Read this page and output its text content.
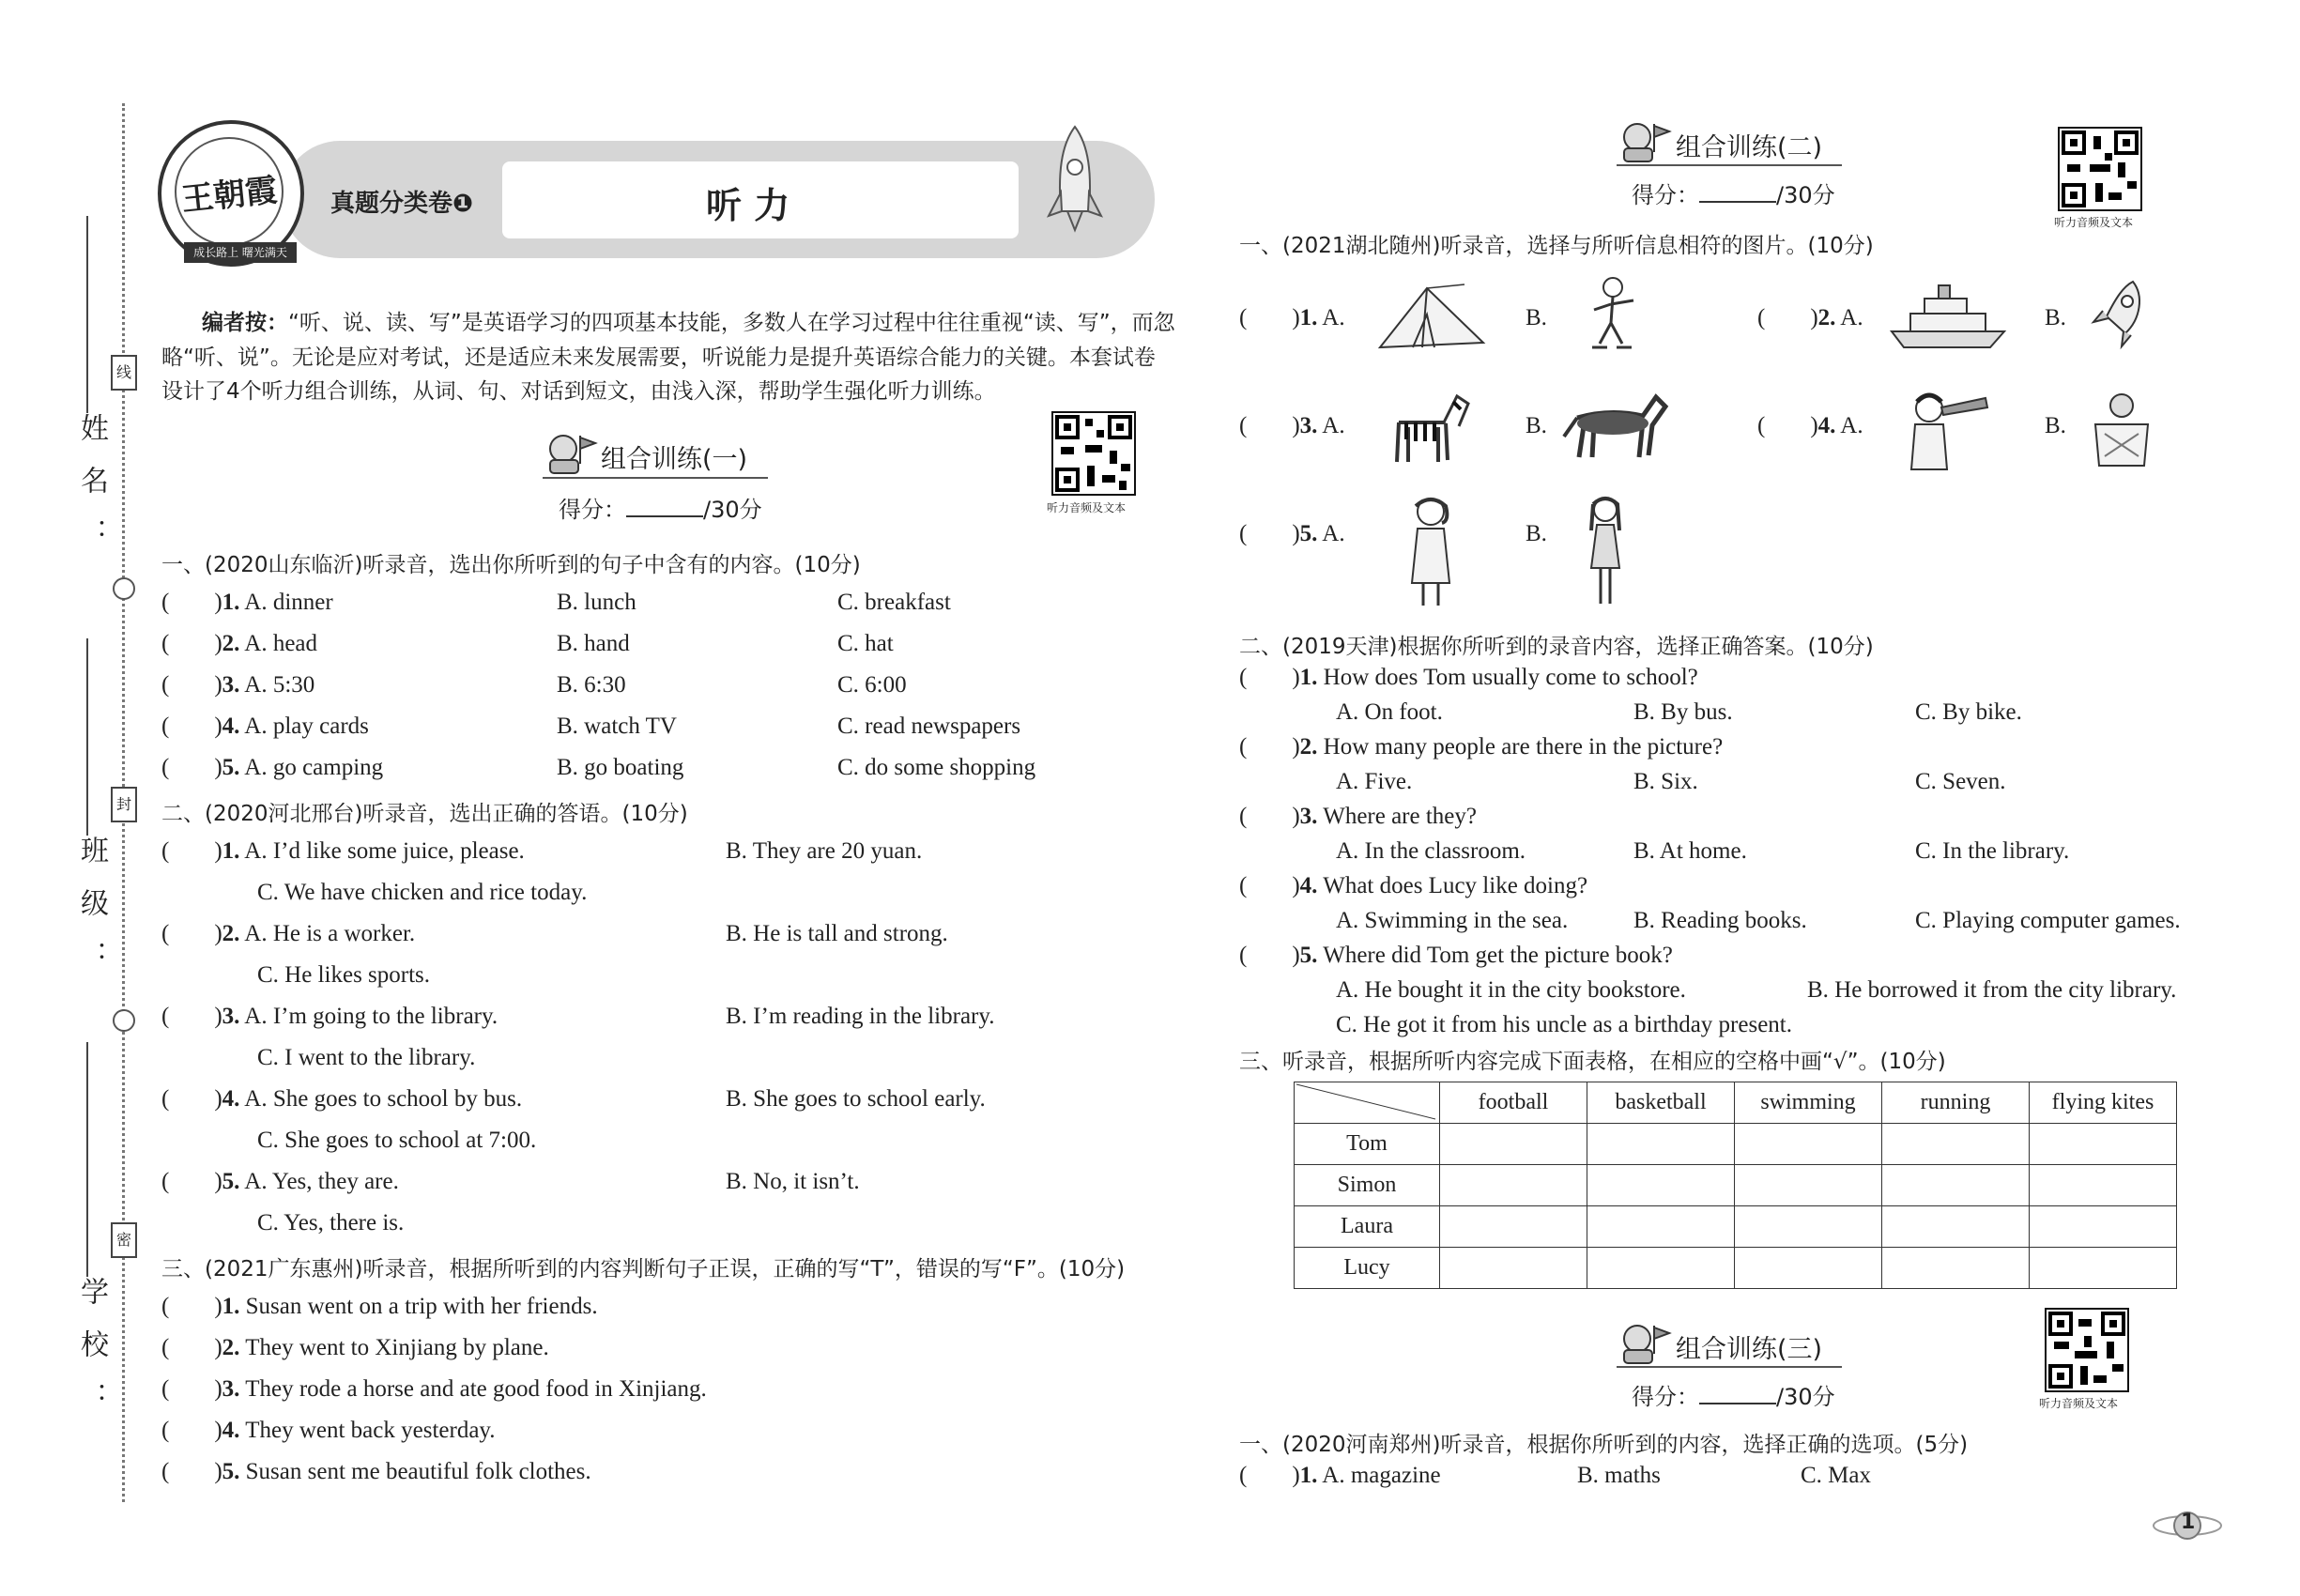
姓名：
班级：
学校：
线
封
密
王朝霞
成长路上 曙光满天
真题分类卷❶	听 力
编者按：“听、说、读、写”是英语学习的四项基本技能，多数人在学习过程中往往重视“读、写”，而忽
略“听、说”。无论是应对考试，还是适应未来发展需要，听说能力是提升英语综合能力的关键。本套试卷
设计了4个听力组合训练，从词、句、对话到短文，由浅入深，帮助学生强化听力训练。
组合训练(一)
得分：	/30分	听力音频及文本
一、(2020山东临沂)听录音，选出你所听到的句子中含有的内容。(10分)
( )1. A. dinner	B. lunch	C. breakfast
( )2. A. head	B. hand	C. hat
( )3. A. 5:30	B. 6:30	C. 6:00
( )4. A. play cards	B. watch TV	C. read newspapers
( )5. A. go camping	B. go boating	C. do some shopping
二、(2020河北邢台)听录音，选出正确的答语。(10分)
( )1. A. I’d like some juice, please.	B. They are 20 yuan.
C. We have chicken and rice today.
( )2. A. He is a worker.	B. He is tall and strong.
C. He likes sports.
( )3. A. I’m going to the library.	B. I’m reading in the library.
C. I went to the library.
( )4. A. She goes to school by bus.	B. She goes to school early.
C. She goes to school at 7:00.
( )5. A. Yes, they are.	B. No, it isn’t.
C. Yes, there is.
三、(2021广东惠州)听录音，根据所听到的内容判断句子正误，正确的写“T”，错误的写“F”。(10分)
( )1. Susan went on a trip with her friends.
( )2. They went to Xinjiang by plane.
( )3. They rode a horse and ate good food in Xinjiang.
( )4. They went back yesterday.
( )5. Susan sent me beautiful folk clothes.
组合训练(二)
得分：	/30分
听力音频及文本
一、(2021湖北随州)听录音，选择与所听信息相符的图片。(10分)
( )1. A.	B.	( )2. A.	B.
( )3. A.	B.	( )4. A.	B.
( )5. A.	B.
二、(2019天津)根据你所听到的录音内容，选择正确答案。(10分)
( )1. How does Tom usually come to school?
A. On foot.	B. By bus.	C. By bike.
( )2. How many people are there in the picture?
A. Five.	B. Six.	C. Seven.
( )3. Where are they?
A. In the classroom.	B. At home.	C. In the library.
( )4. What does Lucy like doing?
A. Swimming in the sea.	B. Reading books.	C. Playing computer games.
( )5. Where did Tom get the picture book?
A. He bought it in the city bookstore.	B. He borrowed it from the city library.
C. He got it from his uncle as a birthday present.
三、听录音，根据所听内容完成下面表格，在相应的空格中画“√”。(10分)
	football	basketball	swimming	running	flying kites
Tom					
Simon					
Laura					
Lucy					
组合训练(三)
得分：	/30分	听力音频及文本
一、(2020河南郑州)听录音，根据你所听到的内容，选择正确的选项。(5分)
( )1. A. magazine	B. maths	C. Max
1
